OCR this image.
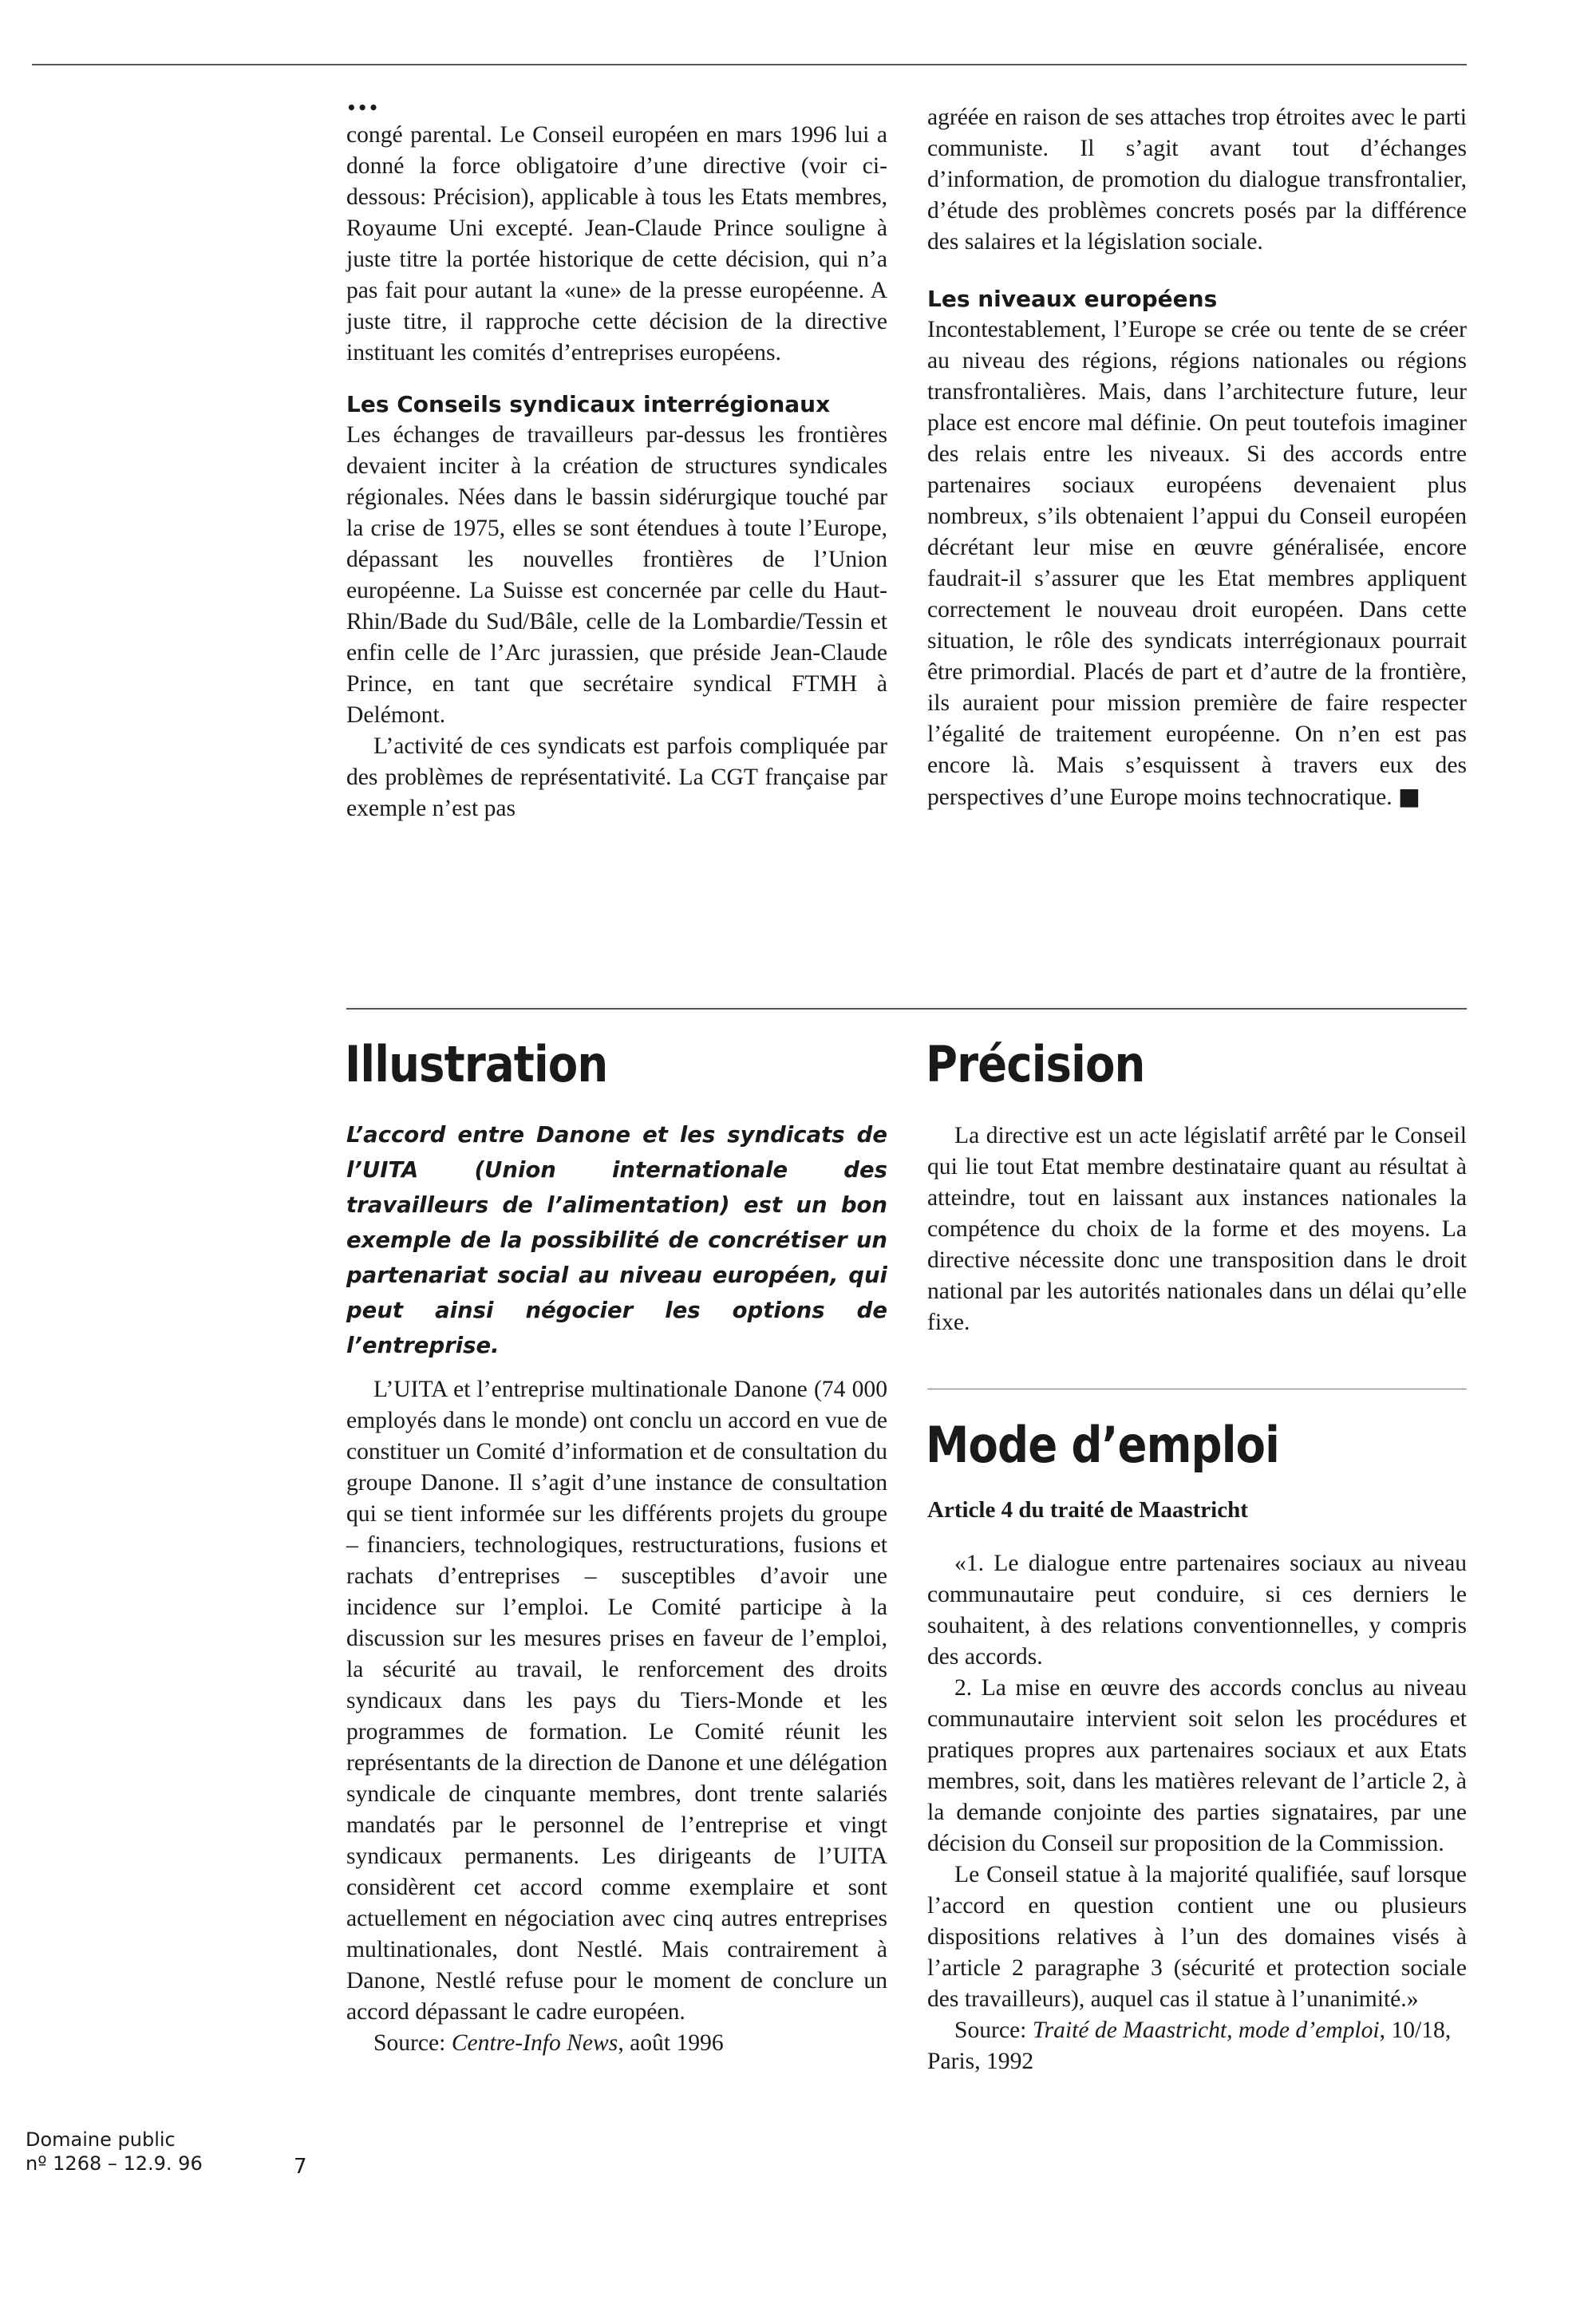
•••

congé parental. Le Conseil européen en mars 1996 lui a donné la force obligatoire d’une directive (voir ci-dessous: Précision), applicable à tous les Etats membres, Royaume Uni excepté. Jean-Claude Prince souligne à juste titre la portée historique de cette décision, qui n’a pas fait pour autant la «une» de la presse européenne. A juste titre, il rapproche cette décision de la directive instituant les comités d’entreprises européens.

Les Conseils syndicaux interrégionaux

Les échanges de travailleurs par-dessus les frontières devaient inciter à la création de structures syndicales régionales. Nées dans le bassin sidérurgique touché par la crise de 1975, elles se sont étendues à toute l’Europe, dépassant les nouvelles frontières de l’Union européenne. La Suisse est concernée par celle du Haut-Rhin/Bade du Sud/Bâle, celle de la Lombardie/Tessin et enfin celle de l’Arc jurassien, que préside Jean-Claude Prince, en tant que secrétaire syndical FTMH à Delémont.

L’activité de ces syndicats est parfois compliquée par des problèmes de représentativité. La CGT française par exemple n’est pas

agréée en raison de ses attaches trop étroites avec le parti communiste. Il s’agit avant tout d’échanges d’information, de promotion du dialogue transfrontalier, d’étude des problèmes concrets posés par la différence des salaires et la législation sociale.

Les niveaux européens

Incontestablement, l’Europe se crée ou tente de se créer au niveau des régions, régions nationales ou régions transfrontalières. Mais, dans l’architecture future, leur place est encore mal définie. On peut toutefois imaginer des relais entre les niveaux. Si des accords entre partenaires sociaux européens devenaient plus nombreux, s’ils obtenaient l’appui du Conseil européen décrétant leur mise en œuvre généralisée, encore faudrait-il s’assurer que les Etat membres appliquent correctement le nouveau droit européen. Dans cette situation, le rôle des syndicats interrégionaux pourrait être primordial. Placés de part et d’autre de la frontière, ils auraient pour mission première de faire respecter l’égalité de traitement européenne. On n’en est pas encore là. Mais s’esquissent à travers eux des perspectives d’une Europe moins technocratique. ■

Illustration
L’accord entre Danone et les syndicats de l’UITA (Union internationale des travailleurs de l’alimentation) est un bon exemple de la possibilité de concrétiser un partenariat social au niveau européen, qui peut ainsi négocier les options de l’entreprise.

L’UITA et l’entreprise multinationale Danone (74 000 employés dans le monde) ont conclu un accord en vue de constituer un Comité d’information et de consultation du groupe Danone. Il s’agit d’une instance de consultation qui se tient informée sur les différents projets du groupe – financiers, technologiques, restructurations, fusions et rachats d’entreprises – susceptibles d’avoir une incidence sur l’emploi. Le Comité participe à la discussion sur les mesures prises en faveur de l’emploi, la sécurité au travail, le renforcement des droits syndicaux dans les pays du Tiers-Monde et les programmes de formation. Le Comité réunit les représentants de la direction de Danone et une délégation syndicale de cinquante membres, dont trente salariés mandatés par le personnel de l’entreprise et vingt syndicaux permanents. Les dirigeants de l’UITA considèrent cet accord comme exemplaire et sont actuellement en négociation avec cinq autres entreprises multinationales, dont Nestlé. Mais contrairement à Danone, Nestlé refuse pour le moment de conclure un accord dépassant le cadre européen.

Source: Centre-Info News, août 1996

Précision

La directive est un acte législatif arrêté par le Conseil qui lie tout Etat membre destinataire quant au résultat à atteindre, tout en laissant aux instances nationales la compétence du choix de la forme et des moyens. La directive nécessite donc une transposition dans le droit national par les autorités nationales dans un délai qu’elle fixe.

Mode d’emploi
Article 4 du traité de Maastricht

«1. Le dialogue entre partenaires sociaux au niveau communautaire peut conduire, si ces derniers le souhaitent, à des relations conventionnelles, y compris des accords.

2. La mise en œuvre des accords conclus au niveau communautaire intervient soit selon les procédures et pratiques propres aux partenaires sociaux et aux Etats membres, soit, dans les matières relevant de l’article 2, à la demande conjointe des parties signataires, par une décision du Conseil sur proposition de la Commission.

Le Conseil statue à la majorité qualifiée, sauf lorsque l’accord en question contient une ou plusieurs dispositions relatives à l’un des domaines visés à l’article 2 paragraphe 3 (sécurité et protection sociale des travailleurs), auquel cas il statue à l’unanimité.»

Source: Traité de Maastricht, mode d’emploi, 10/18, Paris, 1992

Domaine public
nº 1268 – 12.9. 96	7
